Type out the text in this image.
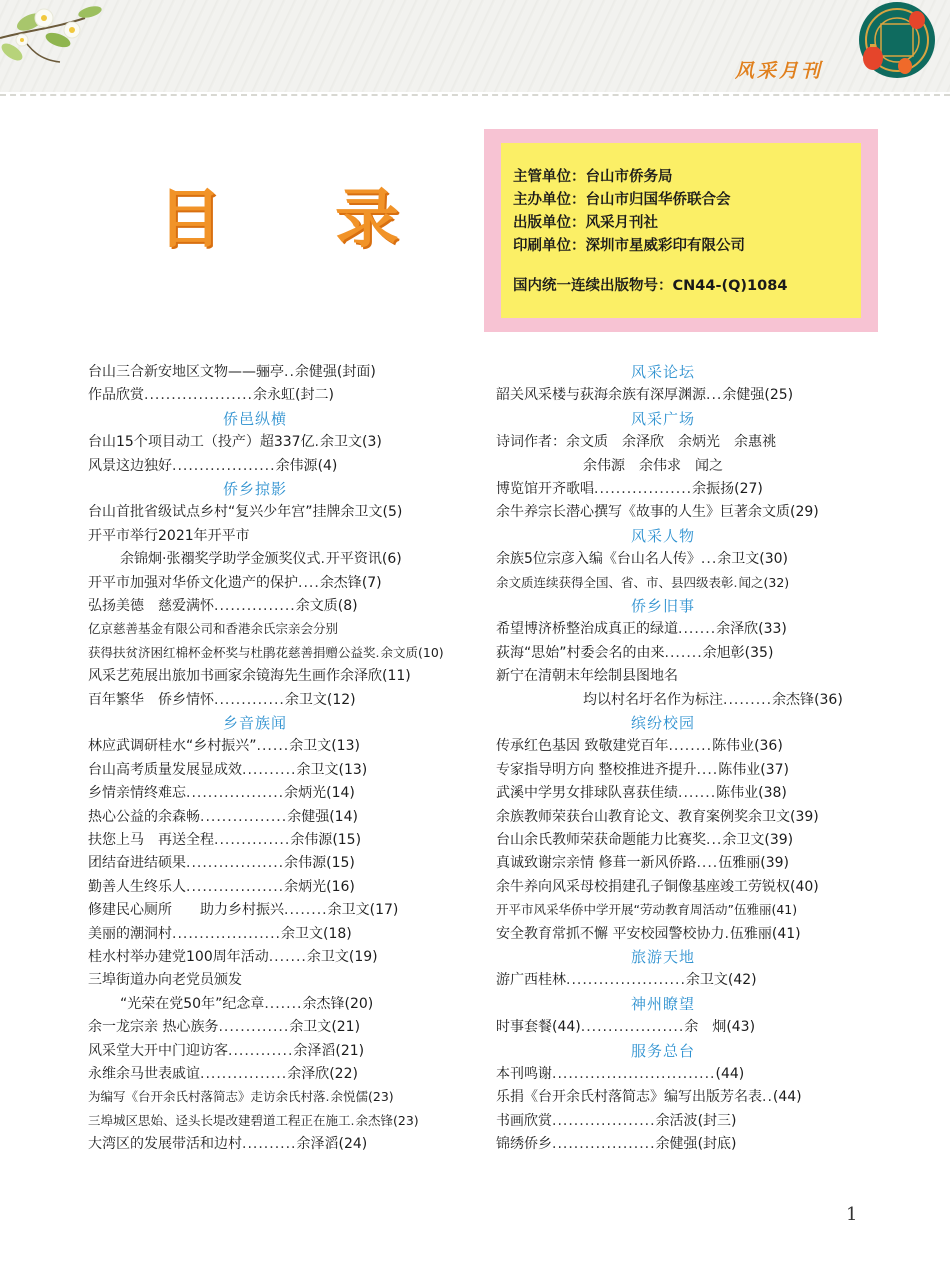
风采月刊
目 录
主管单位：台山市侨务局
主办单位：台山市归国华侨联合会
出版单位：风采月刊社
印刷单位：深圳市星威彩印有限公司
国内统一连续出版物号：CN44-(Q)1084
台山三合新安地区文物——骊亭..余健强(封面)
作品欣赏....................余永虹(封二)
侨邑纵横
台山15个项目动工（投产）超337亿.余卫文(3)
风景这边独好...................余伟源(4)
侨乡掠影
台山首批省级试点乡村“复兴少年宫”挂牌余卫文(5)
开平市举行2021年开平市
余锦炯·张禤奖学助学金颁奖仪式.开平资讯(6)
开平市加强对华侨文化遗产的保护....余杰锋(7)
弘扬美德　慈爱满怀...............余文质(8)
亿京慈善基金有限公司和香港余氏宗亲会分别
获得扶贫济困红棉杯金杯奖与杜鹃花慈善捐赠公益奖.余文质(10)
风采艺苑展出旅加书画家余镜海先生画作余泽欣(11)
百年繁华　侨乡情怀.............余卫文(12)
乡音族闻
林应武调研桂水“乡村振兴”......余卫文(13)
台山高考质量发展显成效..........余卫文(13)
乡情亲情终难忘..................余炳光(14)
热心公益的余森畅................余健强(14)
扶您上马　再送全程..............余伟源(15)
团结奋进结硕果..................余伟源(15)
勤善人生终乐人..................余炳光(16)
修建民心厕所　　助力乡村振兴........余卫文(17)
美丽的潮洞村....................余卫文(18)
桂水村举办建党100周年活动.......余卫文(19)
三埠街道办向老党员颁发
“光荣在党50年”纪念章.......余杰锋(20)
余一龙宗亲 热心族务.............余卫文(21)
风采堂大开中门迎访客............余泽滔(21)
永维余马世表戚谊................余泽欣(22)
为编写《台开余氏村落简志》走访余氏村落.余悦儒(23)
三埠城区思始、迳头长堤改建碧道工程正在施工.余杰锋(23)
大湾区的发展带活和边村..........余泽滔(24)
风采论坛
韶关风采楼与荻海余族有深厚渊源...余健强(25)
风采广场
诗词作者：余文质　余泽欣　余炳光　余惠祧
余伟源　余伟求　闻之
博览馆开齐歌唱..................余振扬(27)
余牛养宗长潜心撰写《故事的人生》巨著余文质(29)
风采人物
余族5位宗彦入编《台山名人传》...余卫文(30)
余文质连续获得全国、省、市、县四级表彰.闻之(32)
侨乡旧事
希望博济桥整治成真正的绿道.......余泽欣(33)
荻海“思始”村委会名的由来.......余旭彰(35)
新宁在清朝末年绘制县图地名
均以村名圩名作为标注.........余杰锋(36)
缤纷校园
传承红色基因 致敬建党百年........陈伟业(36)
专家指导明方向 整校推进齐提升....陈伟业(37)
武溪中学男女排球队喜获佳绩.......陈伟业(38)
余族教师荣获台山教育论文、教育案例奖余卫文(39)
台山余氏教师荣获命题能力比赛奖...余卫文(39)
真诚致谢宗亲情 修葺一新风侨路....伍雅丽(39)
余牛养向风采母校捐建孔子铜像基座竣工劳锐权(40)
开平市风采华侨中学开展“劳动教育周活动”伍雅丽(41)
安全教育常抓不懈 平安校园警校协力.伍雅丽(41)
旅游天地
游广西桂林......................余卫文(42)
神州瞭望
时事套餐(44)...................余　炯(43)
服务总台
本刊鸣谢..............................(44)
乐捐《台开余氏村落简志》编写出版芳名表..(44)
书画欣赏...................余活波(封三)
锦绣侨乡...................余健强(封底)
1
